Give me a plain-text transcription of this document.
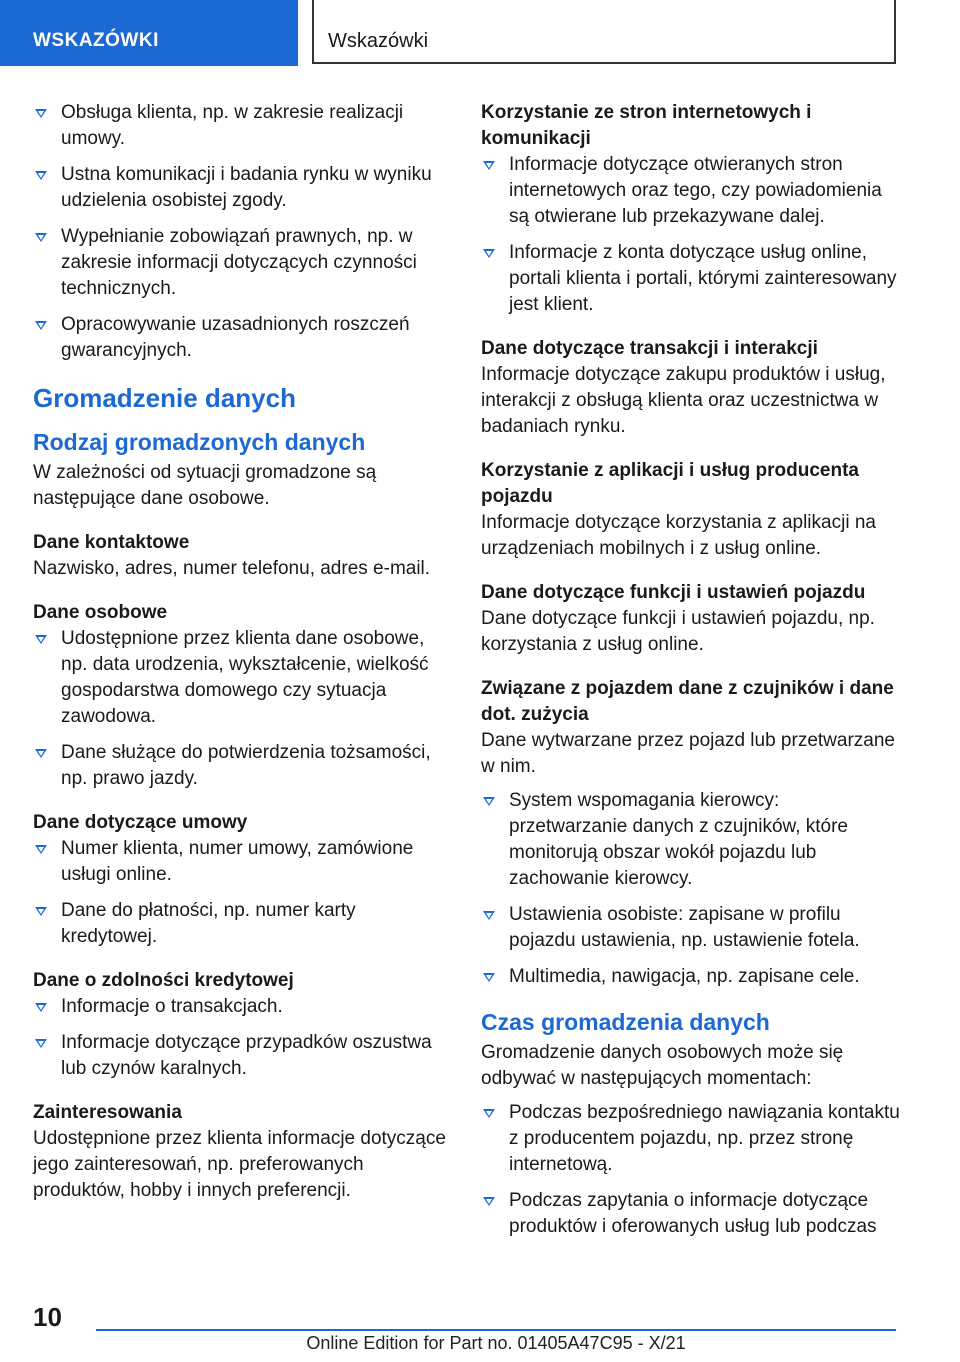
WSKAZÓWKI	Wskazówki
Obsługa klienta, np. w zakresie realizacji umowy.
Ustna komunikacji i badania rynku w wyniku udzielenia osobistej zgody.
Wypełnianie zobowiązań prawnych, np. w zakresie informacji dotyczących czynności technicznych.
Opracowywanie uzasadnionych roszczeń gwarancyjnych.
Gromadzenie danych
Rodzaj gromadzonych danych

W zależności od sytuacji gromadzone są następujące dane osobowe.

Dane kontaktowe

Nazwisko, adres, numer telefonu, adres e-mail.

Dane osobowe
Udostępnione przez klienta dane osobowe, np. data urodzenia, wykształcenie, wielkość gospodarstwa domowego czy sytuacja zawodowa.
Dane służące do potwierdzenia tożsamości, np. prawo jazdy.
Dane dotyczące umowy
Numer klienta, numer umowy, zamówione usługi online.
Dane do płatności, np. numer karty kredytowej.
Dane o zdolności kredytowej
Informacje o transakcjach.
Informacje dotyczące przypadków oszustwa lub czynów karalnych.
Zainteresowania

Udostępnione przez klienta informacje dotyczące jego zainteresowań, np. preferowanych produktów, hobby i innych preferencji.

Korzystanie ze stron internetowych i komunikacji
Informacje dotyczące otwieranych stron internetowych oraz tego, czy powiadomienia są otwierane lub przekazywane dalej.
Informacje z konta dotyczące usług online, portali klienta i portali, którymi zainteresowany jest klient.
Dane dotyczące transakcji i interakcji

Informacje dotyczące zakupu produktów i usług, interakcji z obsługą klienta oraz uczestnictwa w badaniach rynku.

Korzystanie z aplikacji i usług producenta pojazdu

Informacje dotyczące korzystania z aplikacji na urządzeniach mobilnych i z usług online.

Dane dotyczące funkcji i ustawień pojazdu

Dane dotyczące funkcji i ustawień pojazdu, np. korzystania z usług online.

Związane z pojazdem dane z czujników i dane dot. zużycia

Dane wytwarzane przez pojazd lub przetwarzane w nim.

System wspomagania kierowcy: przetwarzanie danych z czujników, które monitorują obszar wokół pojazdu lub zachowanie kierowcy.
Ustawienia osobiste: zapisane w profilu pojazdu ustawienia, np. ustawienie fotela.
Multimedia, nawigacja, np. zapisane cele.
Czas gromadzenia danych

Gromadzenie danych osobowych może się odbywać w następujących momentach:

Podczas bezpośredniego nawiązania kontaktu z producentem pojazdu, np. przez stronę internetową.
Podczas zapytania o informacje dotyczące produktów i oferowanych usług lub podczas
10
Online Edition for Part no. 01405A47C95 - X/21
